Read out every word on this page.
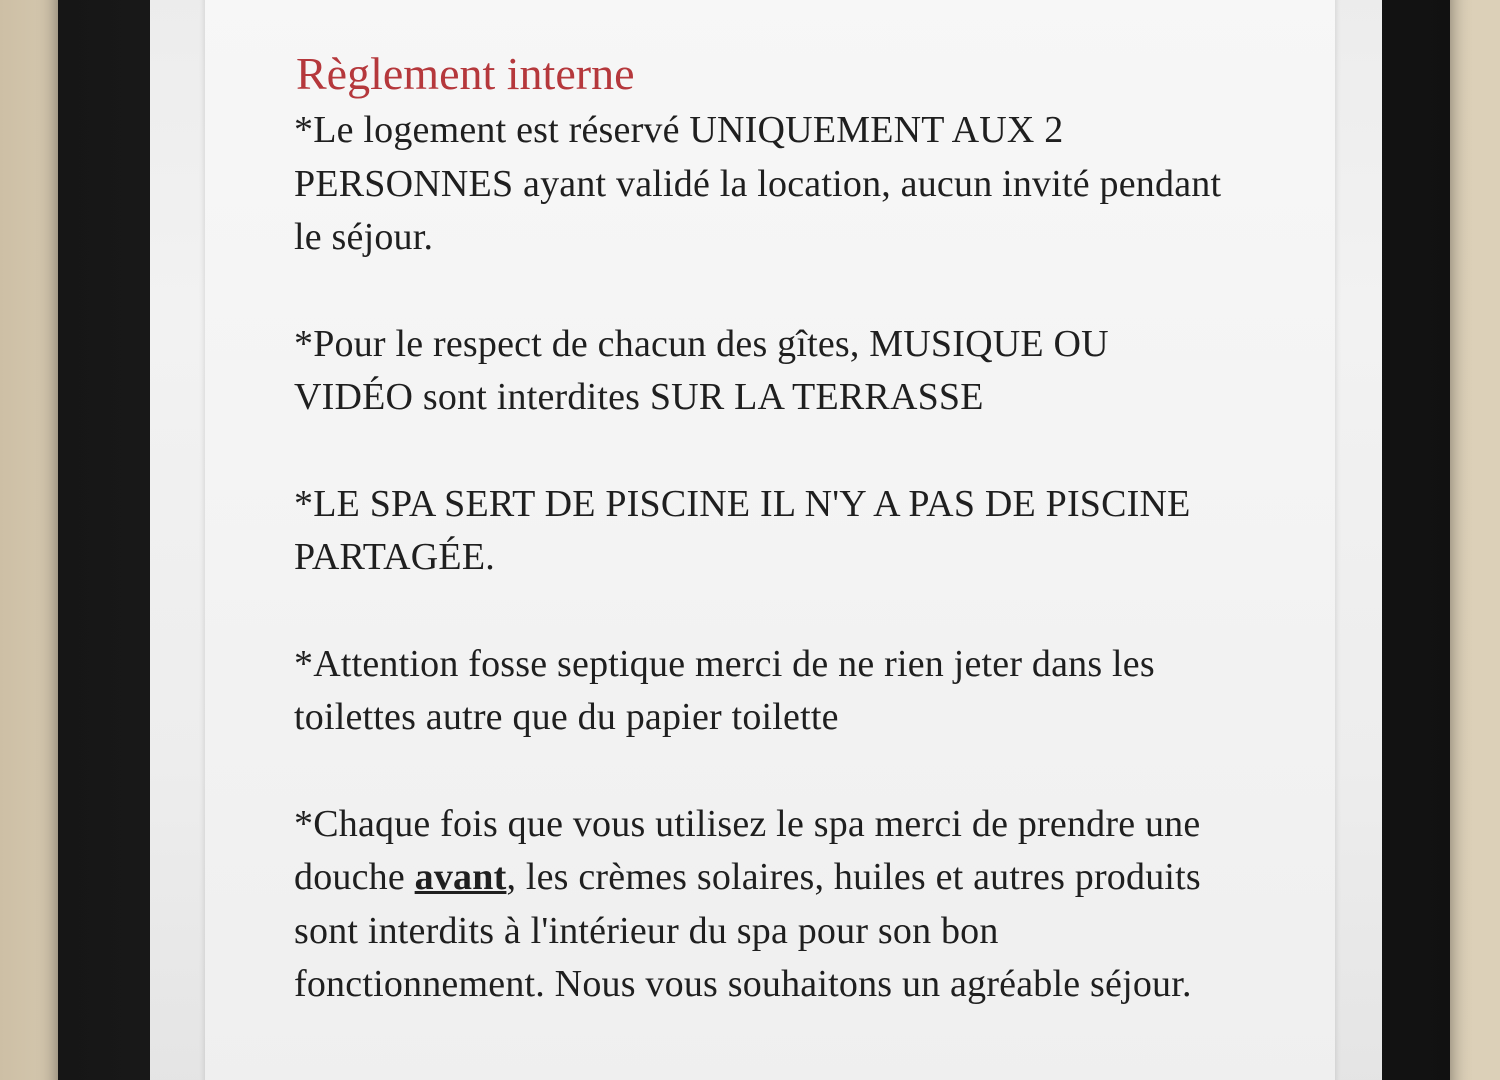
Règlement interne

*Le logement est réservé UNIQUEMENT AUX 2 PERSONNES ayant validé la location, aucun invité pendant le séjour.

*Pour le respect de chacun des gîtes, MUSIQUE OU VIDÉO sont interdites SUR LA TERRASSE

*LE SPA SERT DE PISCINE IL N'Y A PAS DE PISCINE PARTAGÉE.

*Attention fosse septique merci de ne rien jeter dans les toilettes autre que du papier toilette

*Chaque fois que vous utilisez le spa merci de prendre une douche avant, les crèmes solaires, huiles et autres produits sont interdits à l'intérieur du spa pour son bon fonctionnement. Nous vous souhaitons un agréable séjour.
